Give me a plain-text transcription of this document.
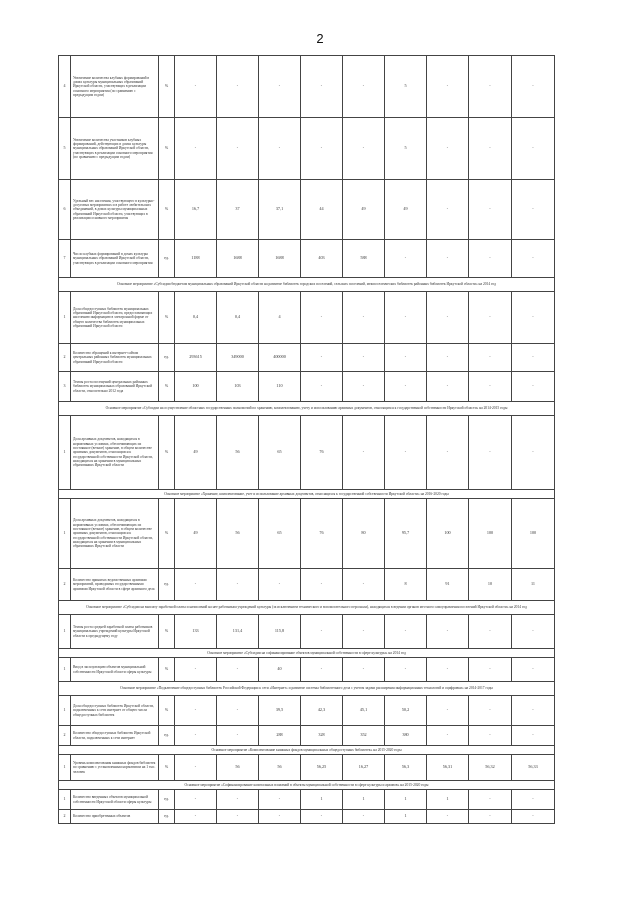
2
4	Увеличение количества клубных формирований в домах культуры муниципальных образований Иркутской области, участвующих в реализации основного мероприятия (по сравнению с предыдущим годом)	%	-	-	-	-	-	5	-	-	-
5	Увеличение количества участников клубных формирований, действующих в домах культуры муниципальных образований Иркутской области, участвующих в реализации основного мероприятия (по сравнению с предыдущим годом)	%	-	-	-	-	-	5	-	-	-
6	Удельный вес населения, участвующего в культурно-досуговых мероприятиях и в работе любительских объединений, в домах культуры муниципальных образований Иркутской области, участвующих в реализации основного мероприятия	%	16,7	37	37,1	44	49	49	-	-	-
7	Число клубных формирований в домах культуры муниципальных образований Иркутской области, участвующих в реализации основного мероприятия	ед.	1188	1688	1688	403	588	-	-	-	-
Основное мероприятие «Субсидии бюджетам муниципальных образований Иркутской области на развитие библиотек городских поселений, сельских поселений, межпоселенческих библиотек районных библиотек Иркутской области» на 2014 год											
1	Доля общедоступных библиотек муниципальных образований Иркутской области, предоставляющих населению информацию в электронной форме от общего количества библиотек муниципальных образований Иркутской области	%	0,4	0,4	4	-	-	-	-	-	-
2	Количество обращений к интернет-сайтам центральных районных библиотек муниципальных образований Иркутской области	ед.	293615	349000	400000	-	-	-	-	-	-
3	Темпы роста посещений центральных районных библиотек муниципальных образований Иркутской области, относительно 2012 года	%	100	103	110	-	-	-	-	-	-
Основное мероприятие «Субсидии на осуществление областных государственных полномочий по хранению, комплектованию, учету и использованию архивных документов, относящихся к государственной собственности Иркутской области» на 2014-2015 годы											
1	Доля архивных документов, находящихся в нормативных условиях, обеспечивающих их постоянное (вечное) хранение, в общем количестве архивных документов, относящихся к государственной собственности Иркутской области, находящихся на хранении в муниципальных образованиях Иркутской области	%	49	56	65	76	-	-	-	-	-
Основное мероприятие «Хранение, комплектование, учет и использование архивных документов, относящихся к государственной собственности Иркутской области» на 2016-2020 годы											
1	Доля архивных документов, находящихся в нормативных условиях, обеспечивающих их постоянное (вечное) хранение, в общем количестве архивных документов, относящихся к государственной собственности Иркутской области, находящихся на хранении в муниципальных образованиях Иркутской области	%	49	56	65	76	80	95,7	100	100	100
2	Количество принятых ведомственных архивами мероприятий, проводимых государственными архивами Иркутской области в сфере архивного дела	ед.	-	-	-	-	-	8	91	10	11
Основное мероприятие «Субсидии на выплату заработной платы и начислений на нее работникам учреждений культуры (за исключением технического и вспомогательного персонала), находящихся в ведении органов местного самоуправления поселений Иркутской области» на 2014 год											
1	Темпы роста средней заработной платы работников муниципальных учреждений культуры Иркутской области к предыдущему году	%	133	131,4	115,8	-	-	-	-	-	-
Основное мероприятие «Субсидии на софинансирование объектов муниципальной собственности в сфере культуры» на 2014 год											
1	Ввод в эксплуатацию объектов муниципальной собственности Иркутской области сферы культуры	%	-	-	40	-	-	-	-	-	-
Основное мероприятие «Подключение общедоступных библиотек Российской Федерации к сети «Интернет» и развитие системы библиотечного дела с учетом задачи расширения информационных технологий и оцифровки» на 2014-2017 годы											
1	Доля общедоступных библиотек Иркутской области, подключенных к сети интернет от общего числа общедоступных библиотек	%	-	-	39,5	42,3	45,1	50,2	-	-	-
2	Количество общедоступных библиотек Иркутской области, подключенных к сети интернет	ед.	-	-	288	328	352	380	-	-	-
Основное мероприятие «Комплектование книжных фондов муниципальных общедоступных библиотек» на 2015-2020 годы											
1	Уровень комплектования книжных фондов библиотек по сравнению с установленным нормативом на 1 тыс. человек	%	-	56	56	56,25	16,27	56,3	56,31	56,32	56,33
Основное мероприятие «Софинансирование капитальных вложений в объекты муниципальной собственности в сфере культуры и архивов» на 2015-2020 годы											
1	Количество введенных объектов муниципальной собственности Иркутской области сферы культуры	ед.	-	-	-	1	1	1	1	-	-
2	Количество приобретенных объектов	ед.	-	-	-	-	-	1	-	-	-
